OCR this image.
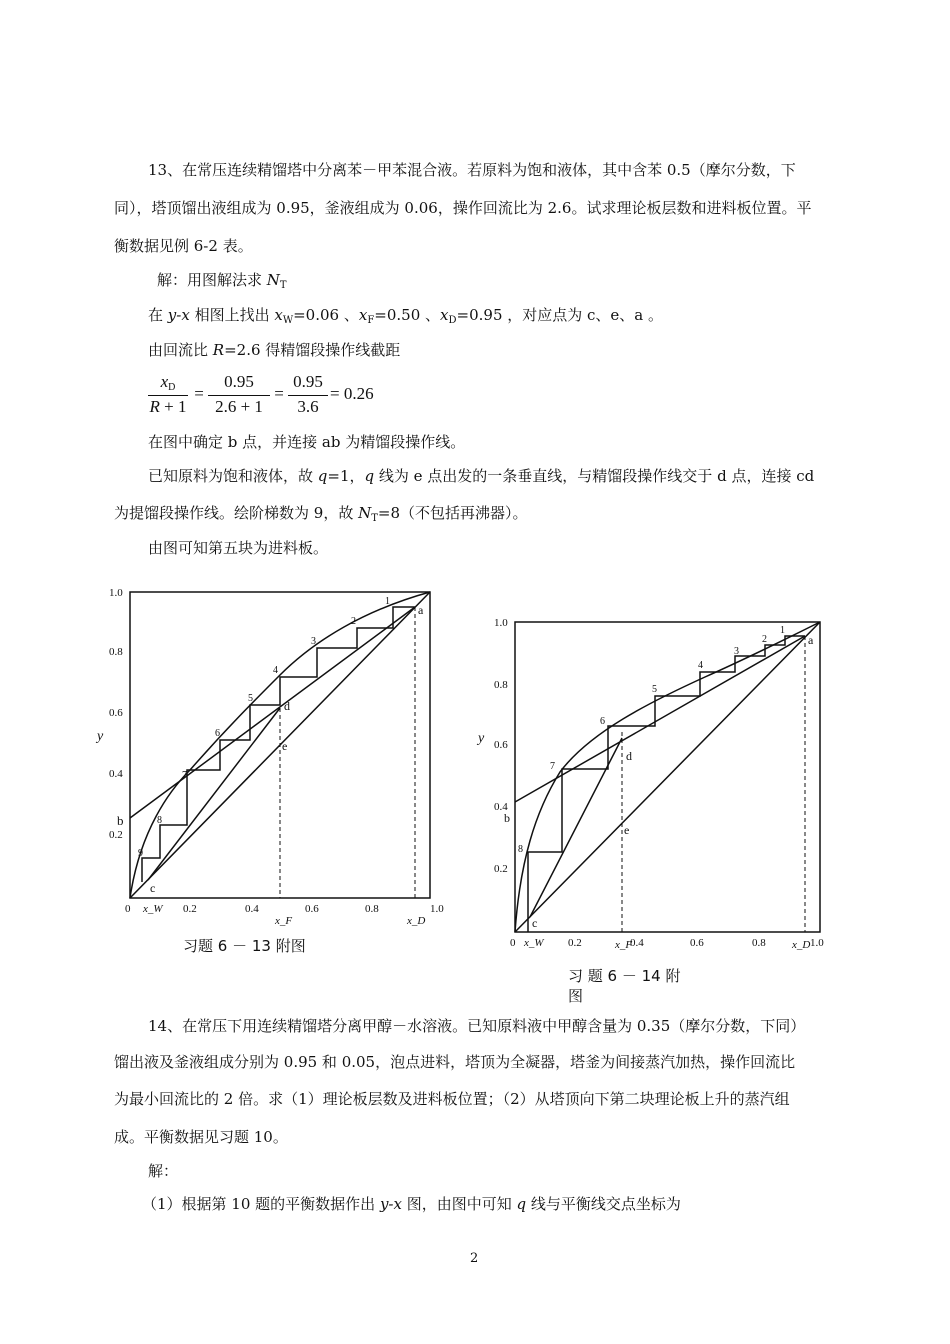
13、在常压连续精馏塔中分离苯－甲苯混合液。若原料为饱和液体，其中含苯 0.5（摩尔分数，下
同），塔顶馏出液组成为 0.95，釜液组成为 0.06，操作回流比为 2.6。试求理论板层数和进料板位置。平
衡数据见例 6-2 表。
解：用图解法求 $N_T$
在 y-x 相图上找出 $x_W=0.06$ 、$x_F=0.50$ 、$x_D=0.95$ ，对应点为 c、e、a 。
由回流比 R=2.6 得精馏段操作线截距
$x_D$
R + 1
=
0.95
2.6 + 1
=
0.95
3.6
= 0.26
在图中确定 b 点，并连接 ab 为精馏段操作线。
已知原料为饱和液体，故 q=1，q 线为 e 点出发的一条垂直线，与精馏段操作线交于 d 点，连接 cd
为提馏段操作线。绘阶梯数为 9，故 $N_T=8$（不包括再沸器）。
由图可知第五块为进料板。
1.0
0.8
0.6
0.4
0.2
0	0.2	0.4	0.6	0.8	1.0
y
b
c
d
e
a
x_W
x_F	x_D
1
2
3
4
5
6
7
8
9
习题 6 － 13 附图
1.0
0.8
0.6
0.4
0.2
0	0.2	0.4	0.6	0.8	1.0
y
b
c
d
e
a
x_W	x_F	x_D
1
2
3
4
5
6
7
8
习 题 6 － 14 附 图
14、在常压下用连续精馏塔分离甲醇－水溶液。已知原料液中甲醇含量为 0.35（摩尔分数，下同）
馏出液及釜液组成分别为 0.95 和 0.05，泡点进料，塔顶为全凝器，塔釜为间接蒸汽加热，操作回流比
为最小回流比的 2 倍。求（1）理论板层数及进料板位置；（2）从塔顶向下第二块理论板上升的蒸汽组
成。平衡数据见习题 10。
解：
（1）根据第 10 题的平衡数据作出 y-x 图，由图中可知 q 线与平衡线交点坐标为
2
